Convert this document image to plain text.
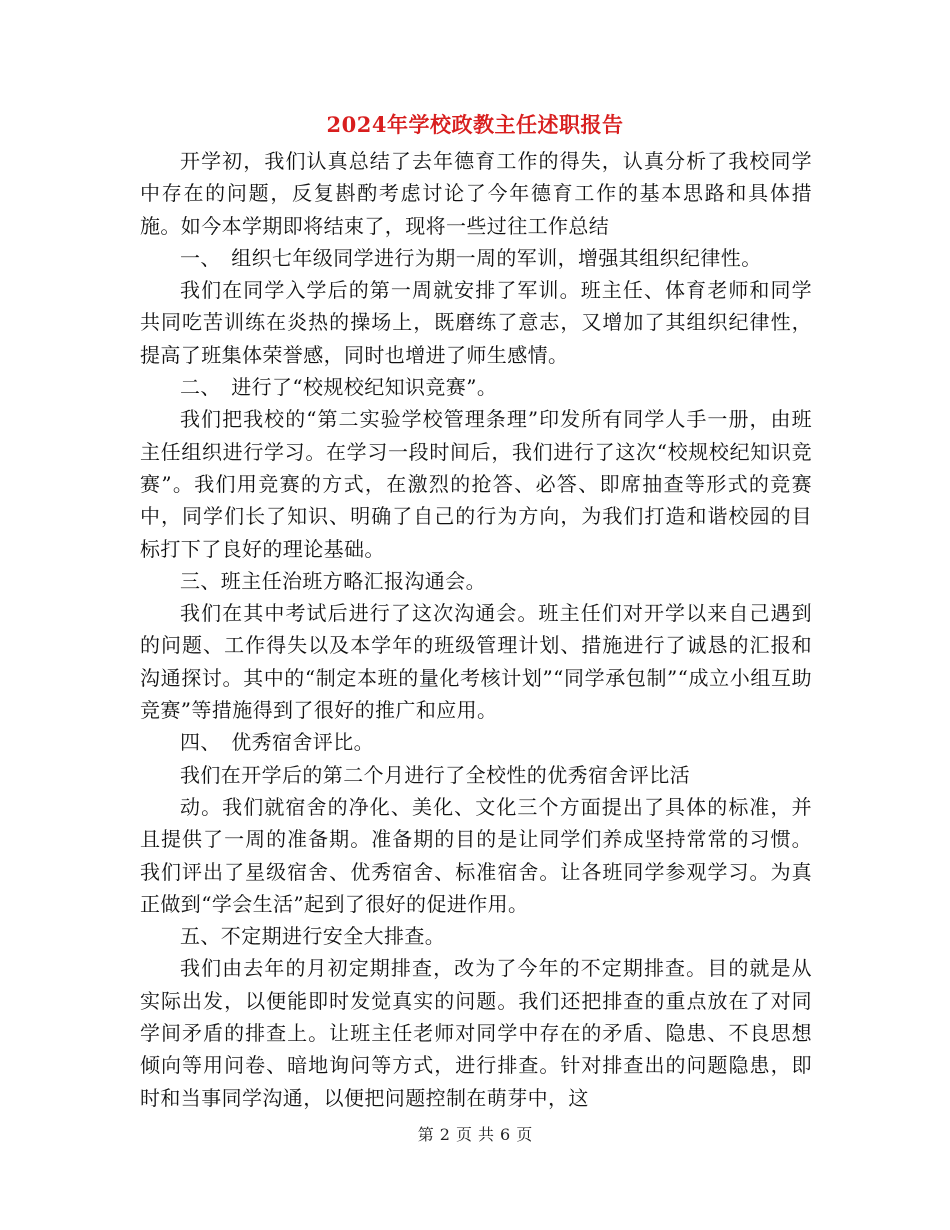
2024年学校政教主任述职报告

开学初，我们认真总结了去年德育工作的得失，认真分析了我校同学中存在的问题，反复斟酌考虑讨论了今年德育工作的基本思路和具体措施。如今本学期即将结束了，现将一些过往工作总结

一、　组织七年级同学进行为期一周的军训，增强其组织纪律性。

我们在同学入学后的第一周就安排了军训。班主任、体育老师和同学共同吃苦训练在炎热的操场上，既磨练了意志，又增加了其组织纪律性，提高了班集体荣誉感，同时也增进了师生感情。

二、　进行了“校规校纪知识竞赛”。

我们把我校的“第二实验学校管理条理”印发所有同学人手一册，由班主任组织进行学习。在学习一段时间后，我们进行了这次“校规校纪知识竞赛”。我们用竞赛的方式，在激烈的抢答、必答、即席抽查等形式的竞赛中，同学们长了知识、明确了自己的行为方向，为我们打造和谐校园的目标打下了良好的理论基础。

三、班主任治班方略汇报沟通会。

我们在其中考试后进行了这次沟通会。班主任们对开学以来自己遇到的问题、工作得失以及本学年的班级管理计划、措施进行了诚恳的汇报和沟通探讨。其中的“制定本班的量化考核计划”“同学承包制”“成立小组互助竞赛”等措施得到了很好的推广和应用。

四、　优秀宿舍评比。

我们在开学后的第二个月进行了全校性的优秀宿舍评比活

动。我们就宿舍的净化、美化、文化三个方面提出了具体的标准，并且提供了一周的准备期。准备期的目的是让同学们养成坚持常常的习惯。我们评出了星级宿舍、优秀宿舍、标准宿舍。让各班同学参观学习。为真正做到“学会生活”起到了很好的促进作用。

五、不定期进行安全大排查。

我们由去年的月初定期排查，改为了今年的不定期排查。目的就是从实际出发，以便能即时发觉真实的问题。我们还把排查的重点放在了对同学间矛盾的排查上。让班主任老师对同学中存在的矛盾、隐患、不良思想倾向等用问卷、暗地询问等方式，进行排查。针对排查出的问题隐患，即时和当事同学沟通，以便把问题控制在萌芽中，这

第 2 页 共 6 页
